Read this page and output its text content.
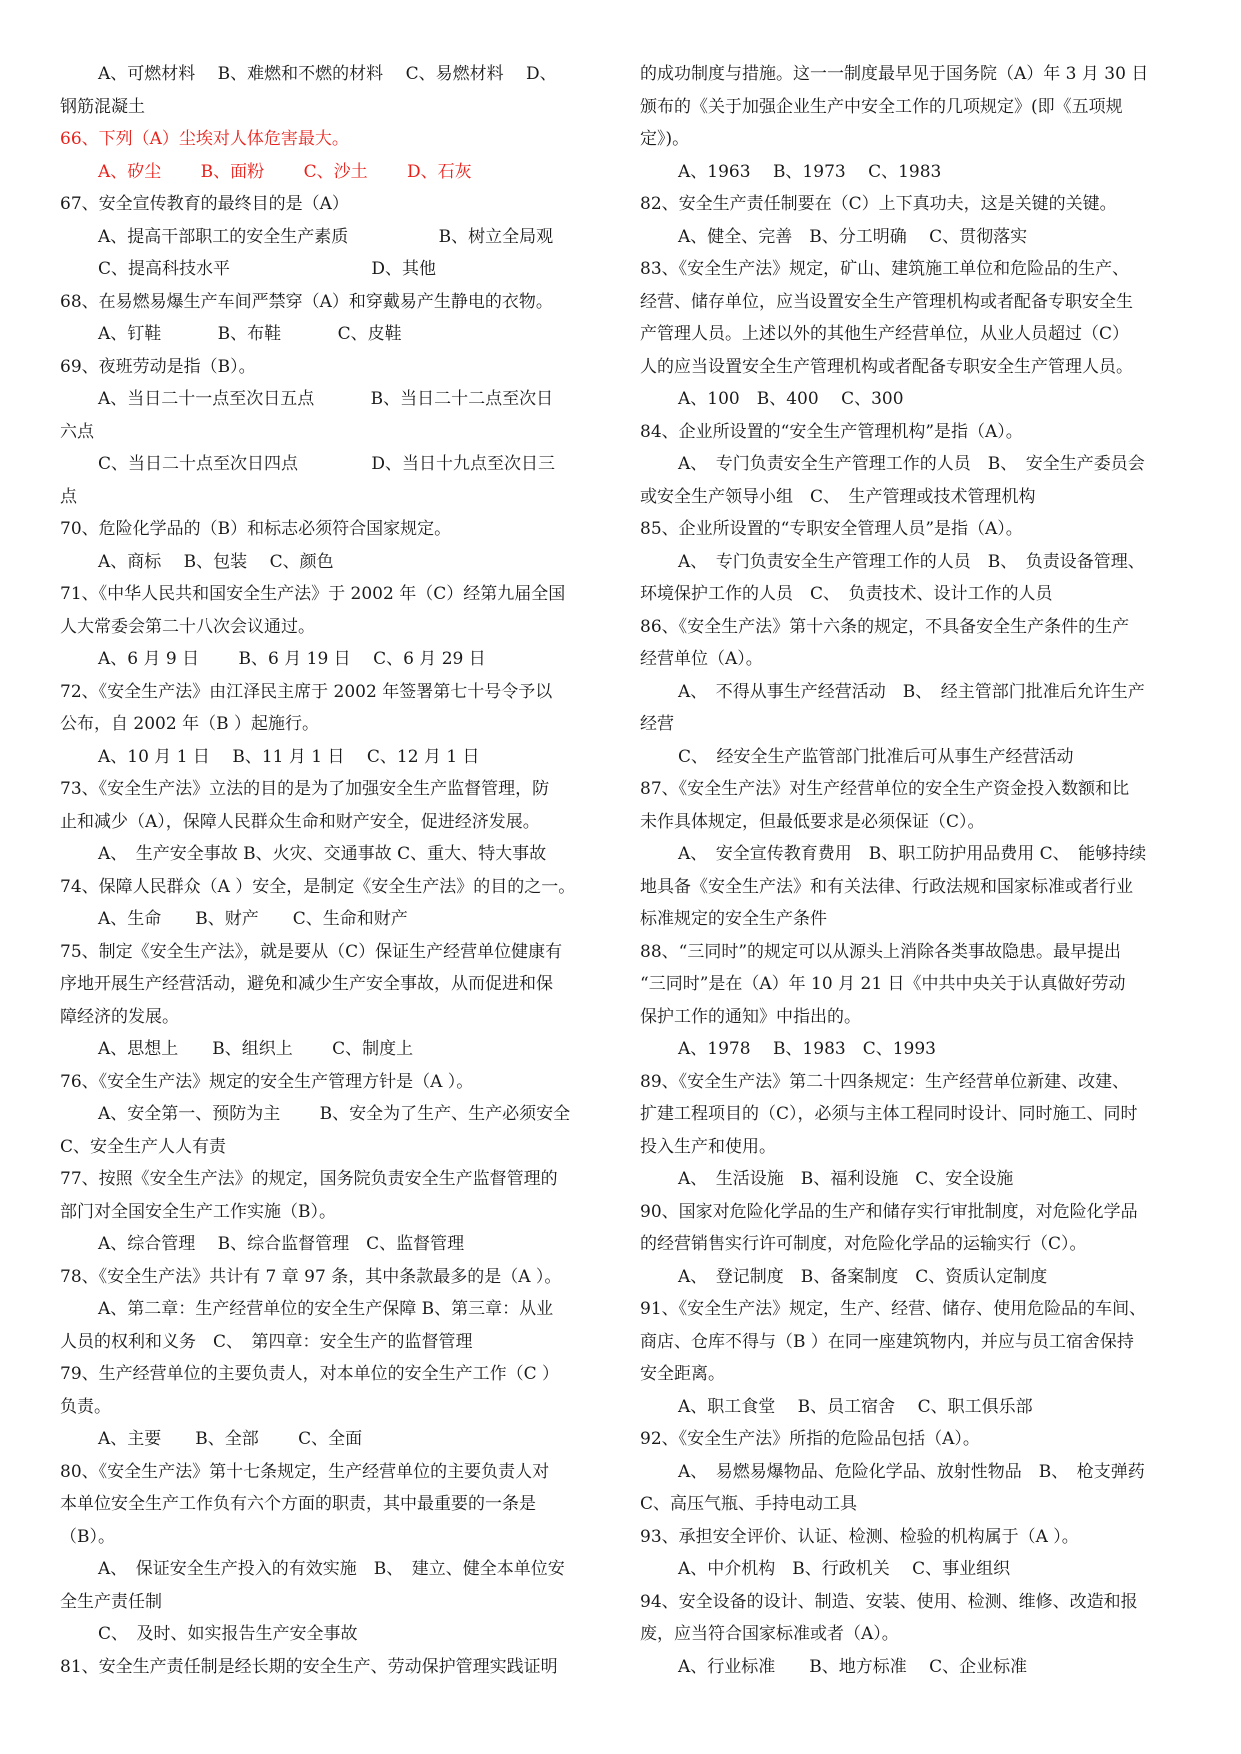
A、可燃材料　 B、难燃和不燃的材料　 C、易燃材料　 D、
钢筋混凝土
66、下列（A）尘埃对人体危害最大。
A、矽尘　　 B、面粉　　 C、沙土　　 D、石灰
67、安全宣传教育的最终目的是（A）
A、提高干部职工的安全生产素质　　　　　 B、树立全局观
C、提高科技水平　　　　　　　　 D、其他
68、在易燃易爆生产车间严禁穿（A）和穿戴易产生静电的衣物。
A、钉鞋　　　 B、布鞋　　　 C、皮鞋
69、夜班劳动是指（B）。
A、当日二十一点至次日五点　　　 B、当日二十二点至次日
六点
C、当日二十点至次日四点　　　　 D、当日十九点至次日三
点
70、危险化学品的（B）和标志必须符合国家规定。
A、商标　 B、包装　 C、颜色
71、《中华人民共和国安全生产法》于 2002 年（C）经第九届全国
人大常委会第二十八次会议通过。
A、6 月 9 日　　 B、6 月 19 日　 C、6 月 29 日
72、《安全生产法》由江泽民主席于 2002 年签署第七十号令予以
公布，自 2002 年（B ）起施行。
A、10 月 1 日　 B、11 月 1 日　 C、12 月 1 日
73、《安全生产法》立法的目的是为了加强安全生产监督管理，防
止和减少（A），保障人民群众生命和财产安全，促进经济发展。
A、　生产安全事故 B、火灾、交通事故 C、重大、特大事故
74、保障人民群众（A ）安全，是制定《安全生产法》的目的之一。
A、生命　　B、财产　　C、生命和财产
75、制定《安全生产法》，就是要从（C）保证生产经营单位健康有
序地开展生产经营活动，避免和减少生产安全事故，从而促进和保
障经济的发展。
A、思想上　　B、组织上　　 C、制度上
76、《安全生产法》规定的安全生产管理方针是（A ）。
A、安全第一、预防为主　　 B、安全为了生产、生产必须安全
C、安全生产人人有责
77、按照《安全生产法》的规定，国务院负责安全生产监督管理的
部门对全国安全生产工作实施（B）。
A、综合管理　 B、综合监督管理　C、监督管理
78、《安全生产法》共计有 7 章 97 条，其中条款最多的是（A ）。
A、第二章：生产经营单位的安全生产保障 B、第三章：从业
人员的权利和义务　C、　第四章：安全生产的监督管理
79、生产经营单位的主要负责人，对本单位的安全生产工作（C ）
负责。
A、主要　　B、全部　　 C、全面
80、《安全生产法》第十七条规定，生产经营单位的主要负责人对
本单位安全生产工作负有六个方面的职责，其中最重要的一条是
（B）。
A、　保证安全生产投入的有效实施　B、　建立、健全本单位安
全生产责任制
C、　及时、如实报告生产安全事故
81、安全生产责任制是经长期的安全生产、劳动保护管理实践证明
的成功制度与措施。这一一制度最早见于国务院（A）年 3 月 30 日
颁布的《关于加强企业生产中安全工作的几项规定》(即《五项规
定》)。
A、1963　 B、1973　 C、1983
82、安全生产责任制要在（C）上下真功夫，这是关键的关键。
A、健全、完善　B、分工明确　 C、贯彻落实
83、《安全生产法》规定，矿山、建筑施工单位和危险品的生产、
经营、储存单位，应当设置安全生产管理机构或者配备专职安全生
产管理人员。上述以外的其他生产经营单位，从业人员超过（C）
人的应当设置安全生产管理机构或者配备专职安全生产管理人员。
A、100　B、400　 C、300
84、企业所设置的“安全生产管理机构”是指（A）。
A、　专门负责安全生产管理工作的人员　B、　安全生产委员会
或安全生产领导小组　C、　生产管理或技术管理机构
85、企业所设置的“专职安全管理人员”是指（A）。
A、　专门负责安全生产管理工作的人员　B、　负责设备管理、
环境保护工作的人员　C、　负责技术、设计工作的人员
86、《安全生产法》第十六条的规定，不具备安全生产条件的生产
经营单位（A）。
A、　不得从事生产经营活动　B、　经主管部门批准后允许生产
经营
C、　经安全生产监管部门批准后可从事生产经营活动
87、《安全生产法》对生产经营单位的安全生产资金投入数额和比
未作具体规定，但最低要求是必须保证（C）。
A、　安全宣传教育费用　B、职工防护用品费用 C、　能够持续
地具备《安全生产法》和有关法律、行政法规和国家标准或者行业
标准规定的安全生产条件
88、“三同时”的规定可以从源头上消除各类事故隐患。最早提出
“三同时”是在（A）年 10 月 21 日《中共中央关于认真做好劳动
保护工作的通知》中指出的。
A、1978　 B、1983　C、1993
89、《安全生产法》第二十四条规定：生产经营单位新建、改建、
扩建工程项目的（C），必须与主体工程同时设计、同时施工、同时
投入生产和使用。
A、　生活设施　B、福利设施　C、安全设施
90、国家对危险化学品的生产和储存实行审批制度，对危险化学品
的经营销售实行许可制度，对危险化学品的运输实行（C）。
A、　登记制度　B、备案制度　C、资质认定制度
91、《安全生产法》规定，生产、经营、储存、使用危险品的车间、
商店、仓库不得与（B ）在同一座建筑物内，并应与员工宿舍保持
安全距离。
A、职工食堂　 B、员工宿舍　 C、职工俱乐部
92、《安全生产法》所指的危险品包括（A）。
A、　易燃易爆物品、危险化学品、放射性物品　B、　枪支弹药
C、高压气瓶、手持电动工具
93、承担安全评价、认证、检测、检验的机构属于（A ）。
A、中介机构　B、行政机关　 C、事业组织
94、安全设备的设计、制造、安装、使用、检测、维修、改造和报
废，应当符合国家标准或者（A）。
A、行业标准　　B、地方标准　 C、企业标准
